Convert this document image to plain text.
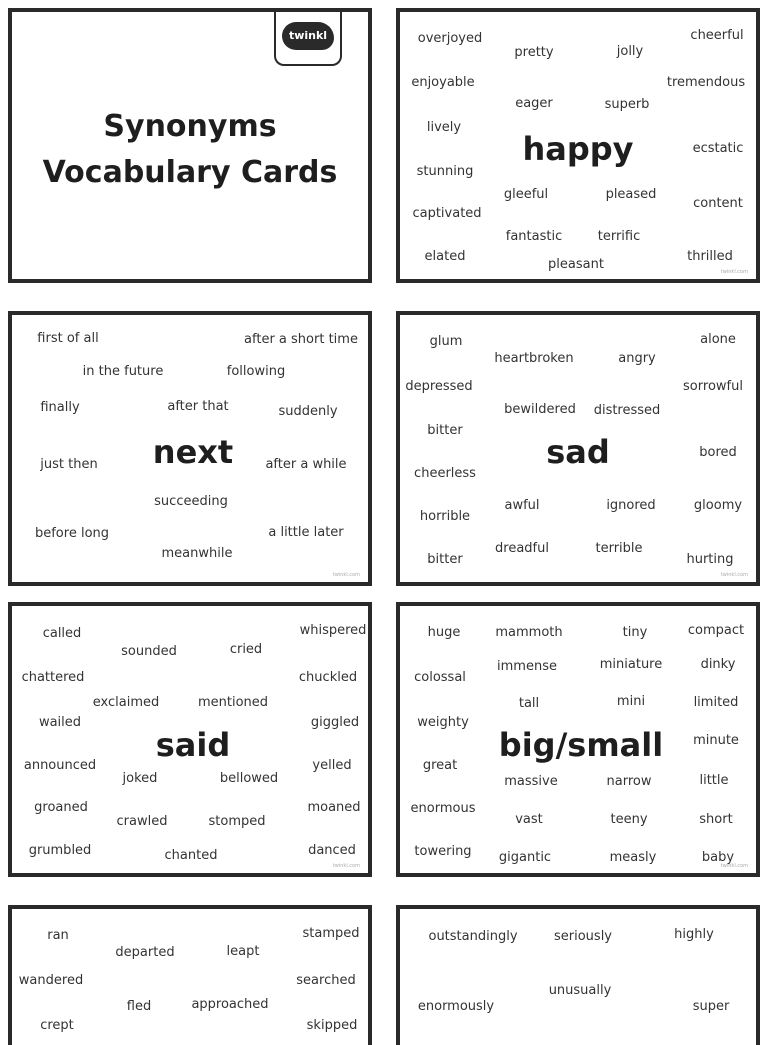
twinkl
Synonyms
Vocabulary Cards
overjoyed
pretty	jolly
cheerful
enjoyable	tremendous
eager	superb
lively
happy	ecstatic
stunning
gleeful	pleased
content
captivated
fantastic	terrific
elated
pleasant
thrilled
twinkl.com
first of all	after a short time
in the future	following
finally	after that	suddenly
just then next after a while
succeeding
before long	a little later
meanwhile
twinkl.com
glum	alone
heartbroken	angry
depressed	sorrowful
bewildered distressed
bitter
sad	bored
cheerless
awful	ignored	gloomy
horrible
dreadful	terrible
bitter	hurting
twinkl.com
called	whispered
sounded	cried
chattered	chuckled
exclaimed	mentioned
wailed
said
giggled
announced	yelled
joked	bellowed
groaned	moaned
crawled	stomped
grumbled	danced
chanted
twinkl.com
huge	mammoth	tiny	compact
colossal
immense	miniature	dinky
tall	mini	limited
weighty
big/small minute
great
massive	narrow	little
enormous
vast	teeny	short
towering gigantic	measly	baby
twinkl.com
ran	stamped
departed	leapt
wandered	searched
fled	approached
crept	skipped
outstandingly	seriously	highly
unusually
enormously	super
